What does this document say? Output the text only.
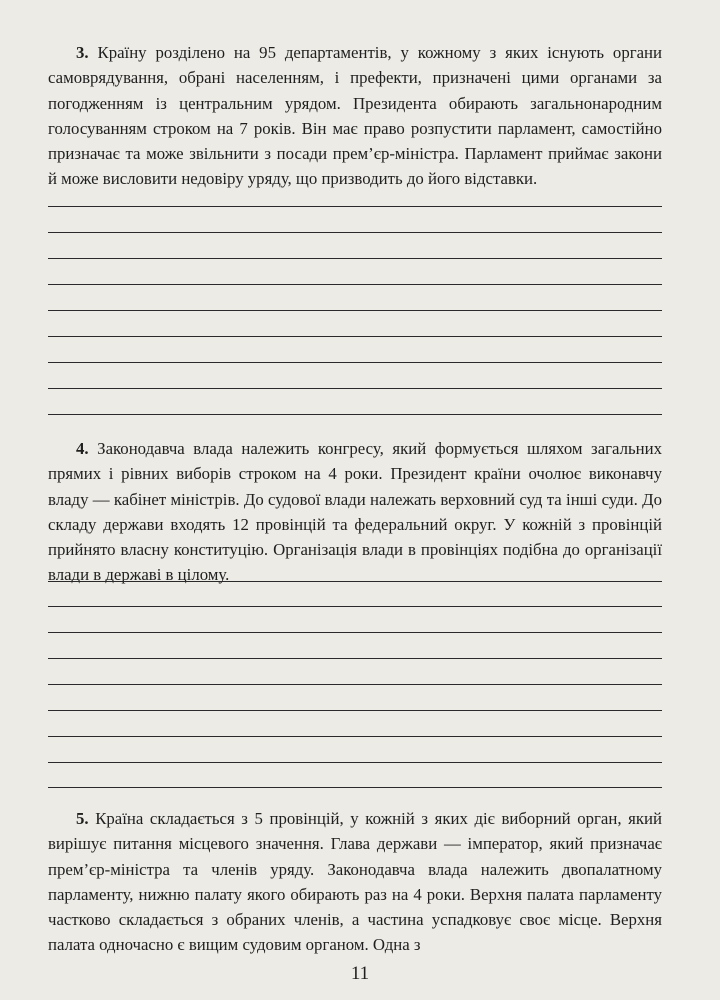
3. Країну розділено на 95 департаментів, у кожному з яких існують органи самоврядування, обрані населенням, і префекти, призначені цими органами за погодженням із центральним урядом. Президента обирають загальнонародним голосуванням строком на 7 років. Він має право розпустити парламент, самостійно призначає та може звільнити з посади прем’єр-міністра. Парламент приймає закони й може висловити недовіру уряду, що призводить до його відставки.

4. Законодавча влада належить конгресу, який формується шляхом загальних прямих і рівних виборів строком на 4 роки. Президент країни очолює виконавчу владу — кабінет міністрів. До судової влади належать верховний суд та інші суди. До складу держави входять 12 провінцій та федеральний округ. У кожній з провінцій прийнято власну конституцію. Організація влади в провінціях подібна до організації влади в державі в цілому.

5. Країна складається з 5 провінцій, у кожній з яких діє виборний орган, який вирішує питання місцевого значення. Глава держави — імператор, який призначає прем’єр-міністра та членів уряду. Законодавча влада належить двопалатному парламенту, нижню палату якого обирають раз на 4 роки. Верхня палата парламенту частково складається з обраних членів, а частина успадковує своє місце. Верхня палата одночасно є вищим судовим органом. Одна з

11
